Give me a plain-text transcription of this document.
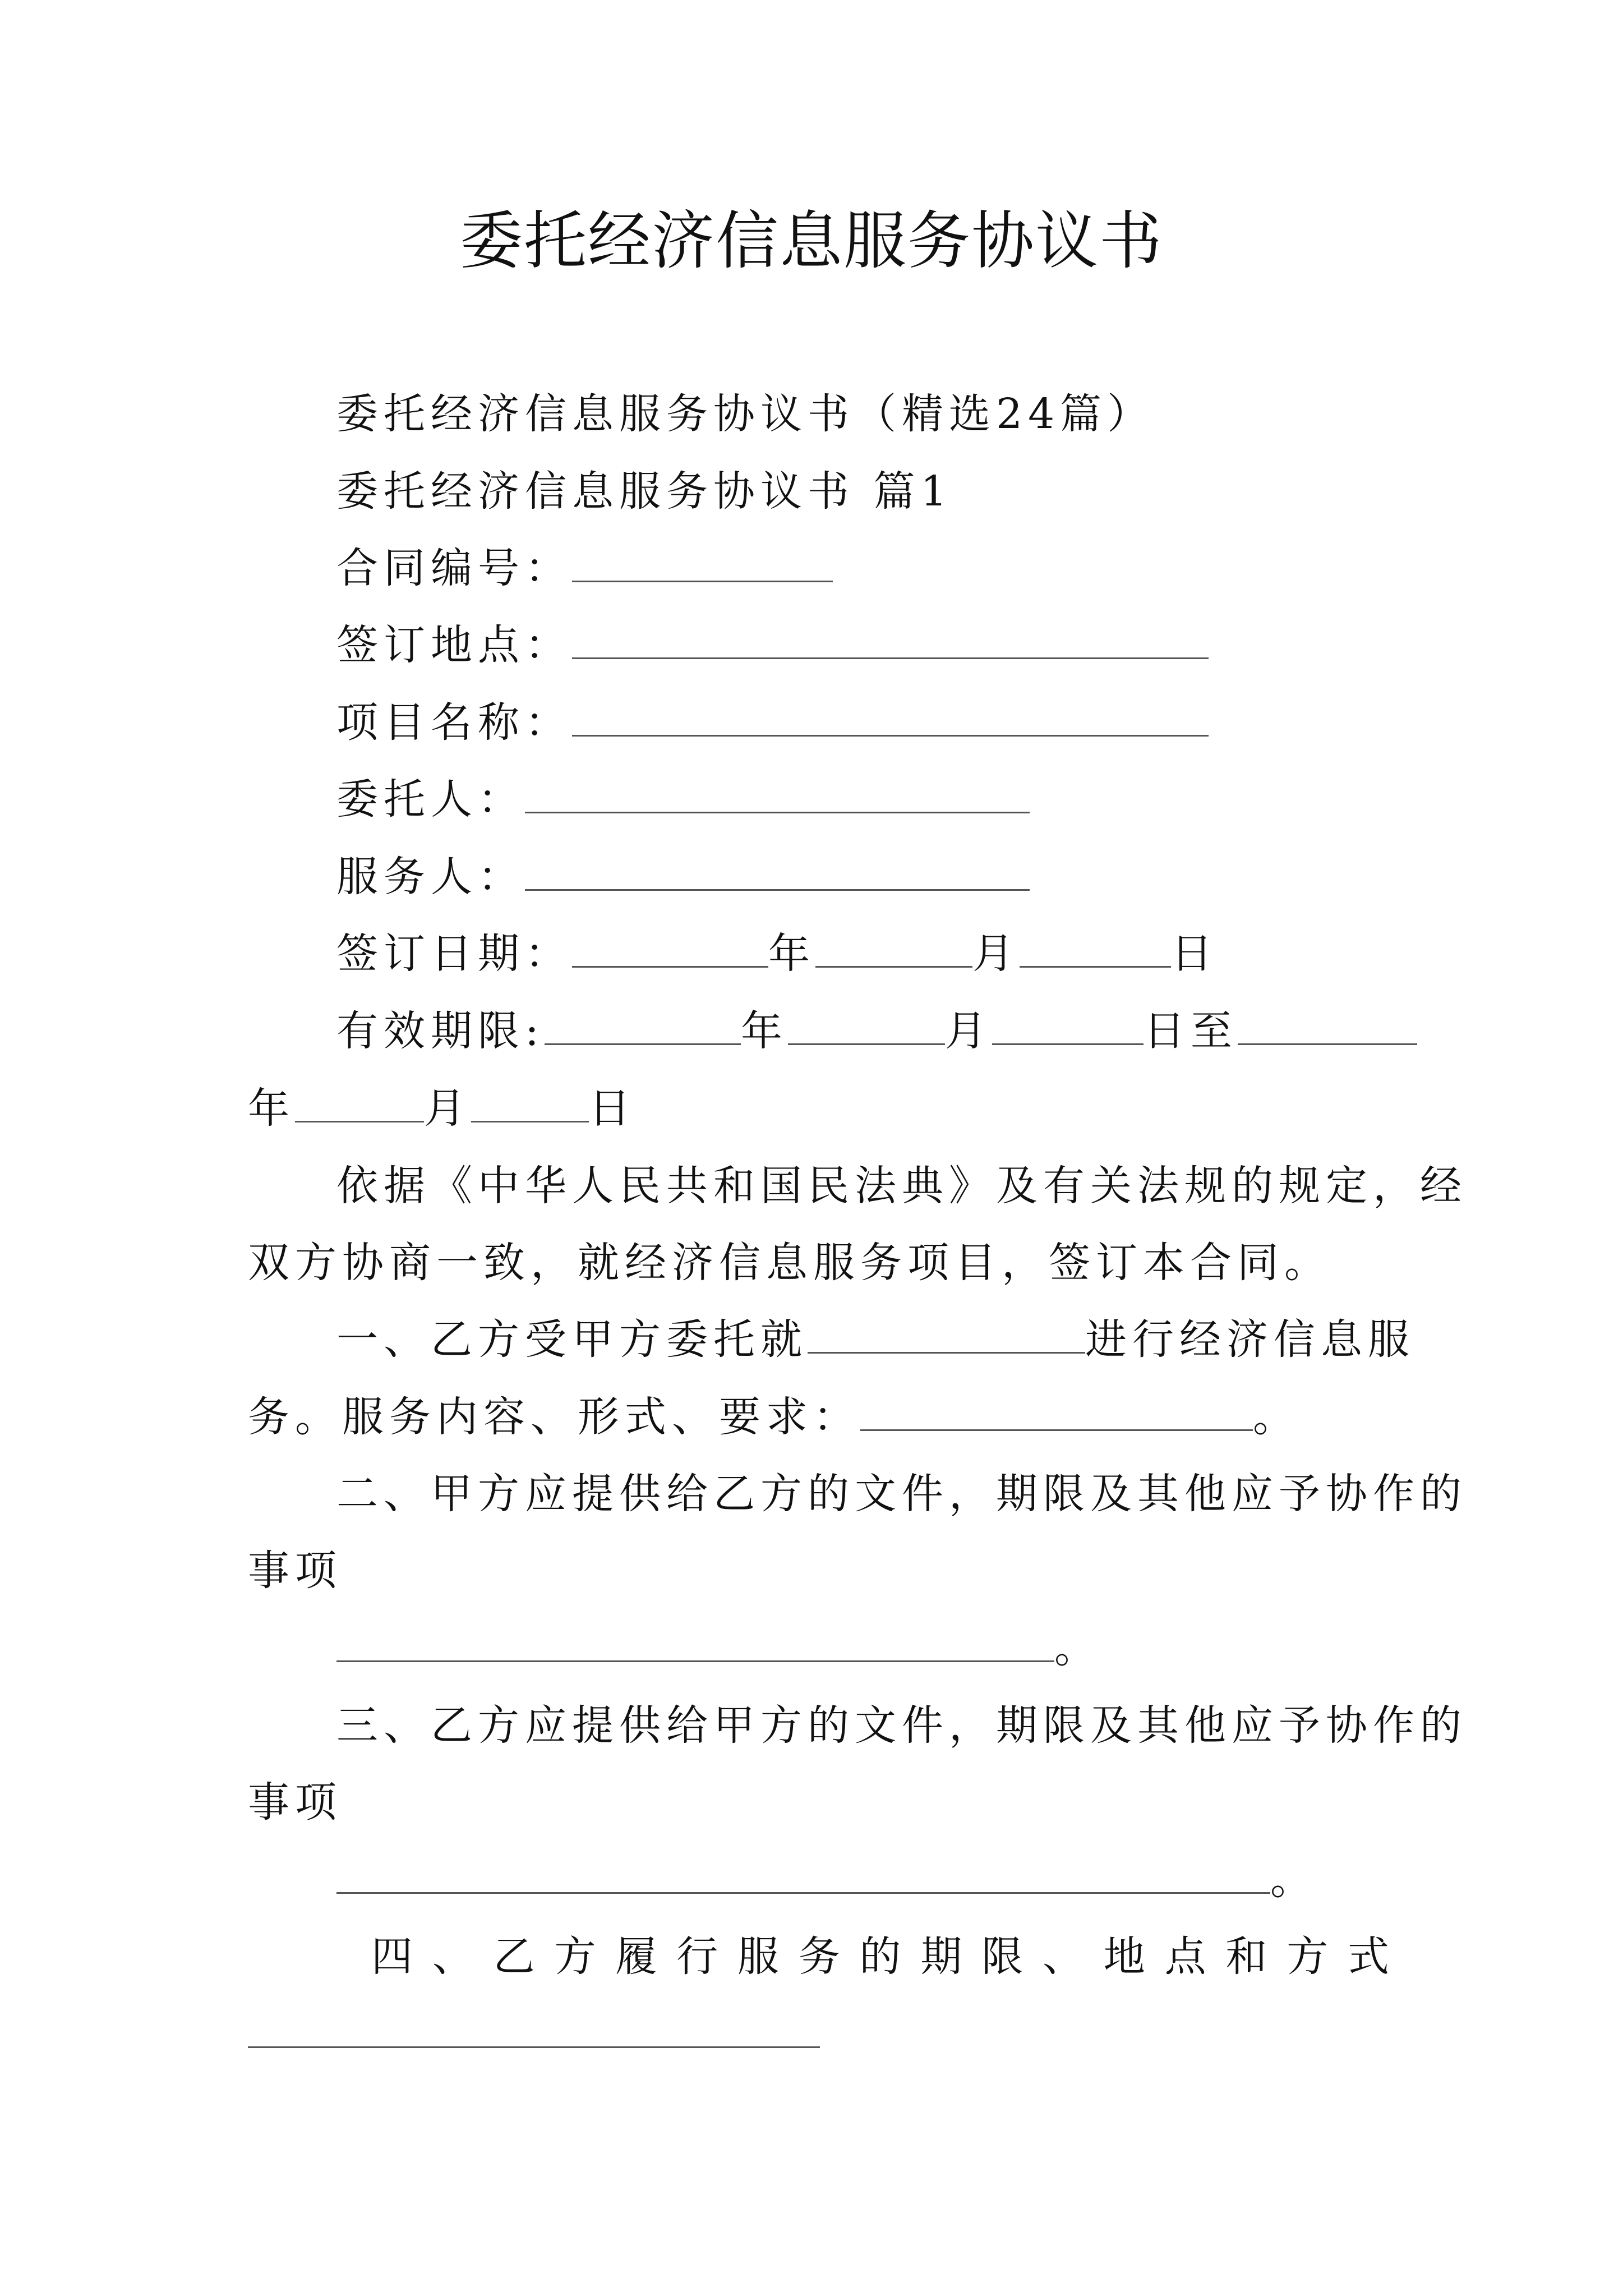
委托经济信息服务协议书
委托经济信息服务协议书（精选24篇）
委托经济信息服务协议书 篇1
合同编号：
签订地点：
项目名称：
委托人：
服务人：
签订日期：	年	月	日
有效期限:	年	月	日至
年	月	日
依据《中华人民共和国民法典》及有关法规的规定，经
双方协商一致，就经济信息服务项目，签订本合同。
一、乙方受甲方委托就	进行经济信息服
务。服务内容、形式、要求：	。
二、甲方应提供给乙方的文件，期限及其他应予协作的
事项
。
三、乙方应提供给甲方的文件，期限及其他应予协作的
事项
。
四 、 乙 方 履 行 服 务 的 期 限 、 地 点 和 方 式
